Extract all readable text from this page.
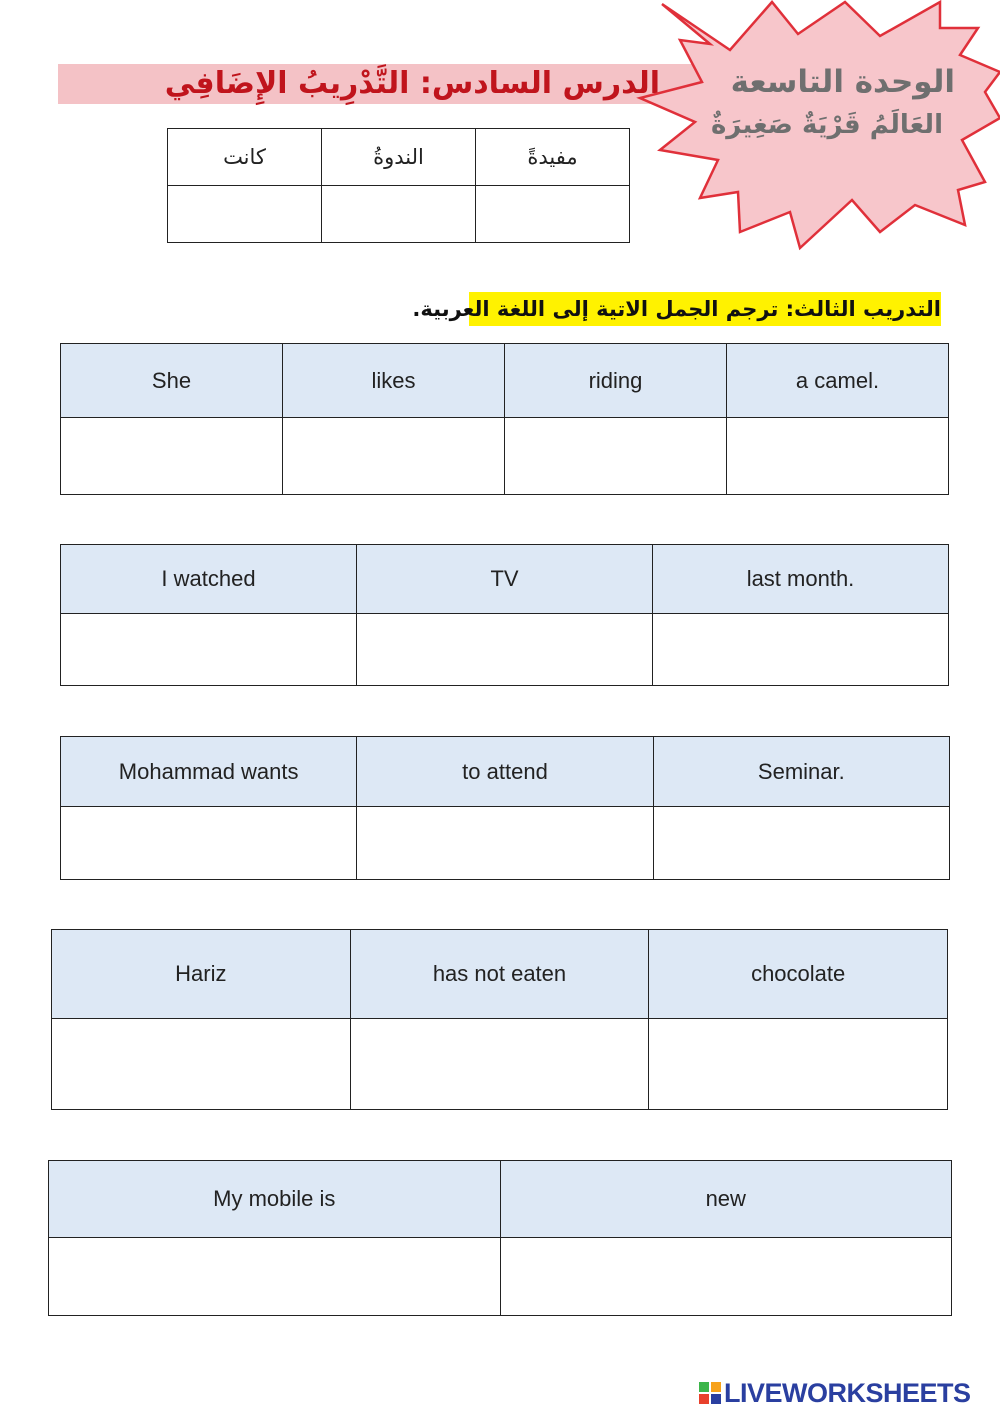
الدرس السادس: التَّدْرِيبُ الإِضَافِي الوحدة التاسعة
العَالَمُ قَرْيَةٌ صَغِيرَةٌ
كانت	الندوةُ	مفيدةً

التدريب الثالث: ترجم الجمل الاتية إلى اللغة العربية.
She	likes	riding	a camel.

I watched	TV	last month.

Mohammad wants	to attend	Seminar.

Hariz	has not eaten	chocolate

My mobile is	new

LIVEWORKSHEETS
